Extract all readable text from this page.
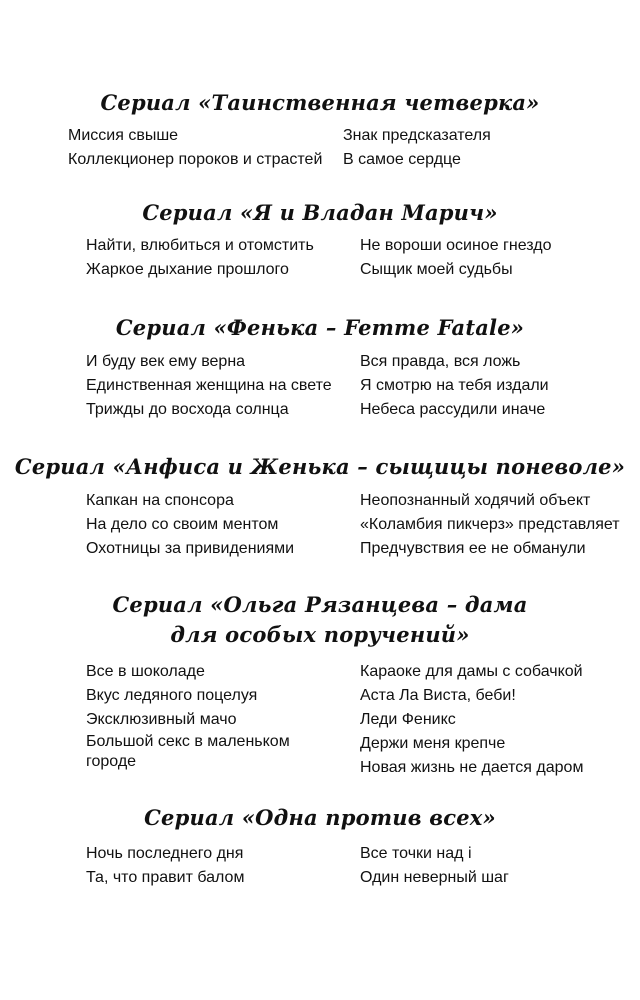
Сериал «Таинственная четверка»
Миссия свыше
Коллекционер пороков и страстей
Знак предсказателя
В самое сердце
Сериал «Я и Владан Марич»
Найти, влюбиться и отомстить
Жаркое дыхание прошлого
Не вороши осиное гнездо
Сыщик моей судьбы
Сериал «Фенька – Femme Fatale»
И буду век ему верна
Единственная женщина на свете
Трижды до восхода солнца
Вся правда, вся ложь
Я смотрю на тебя издали
Небеса рассудили иначе
Сериал «Анфиса и Женька – сыщицы поневоле»
Капкан на спонсора
На дело со своим ментом
Охотницы за привидениями
Неопознанный ходячий объект
«Коламбия пикчерз» представляет
Предчувствия ее не обманули
Сериал «Ольга Рязанцева – дама
для особых поручений»
Все в шоколаде
Вкус ледяного поцелуя
Эксклюзивный мачо
Большой секс в маленьком городе
Караоке для дамы с собачкой
Аста Ла Виста, беби!
Леди Феникс
Держи меня крепче
Новая жизнь не дается даром
Сериал «Одна против всех»
Ночь последнего дня
Та, что правит балом
Все точки над і
Один неверный шаг
